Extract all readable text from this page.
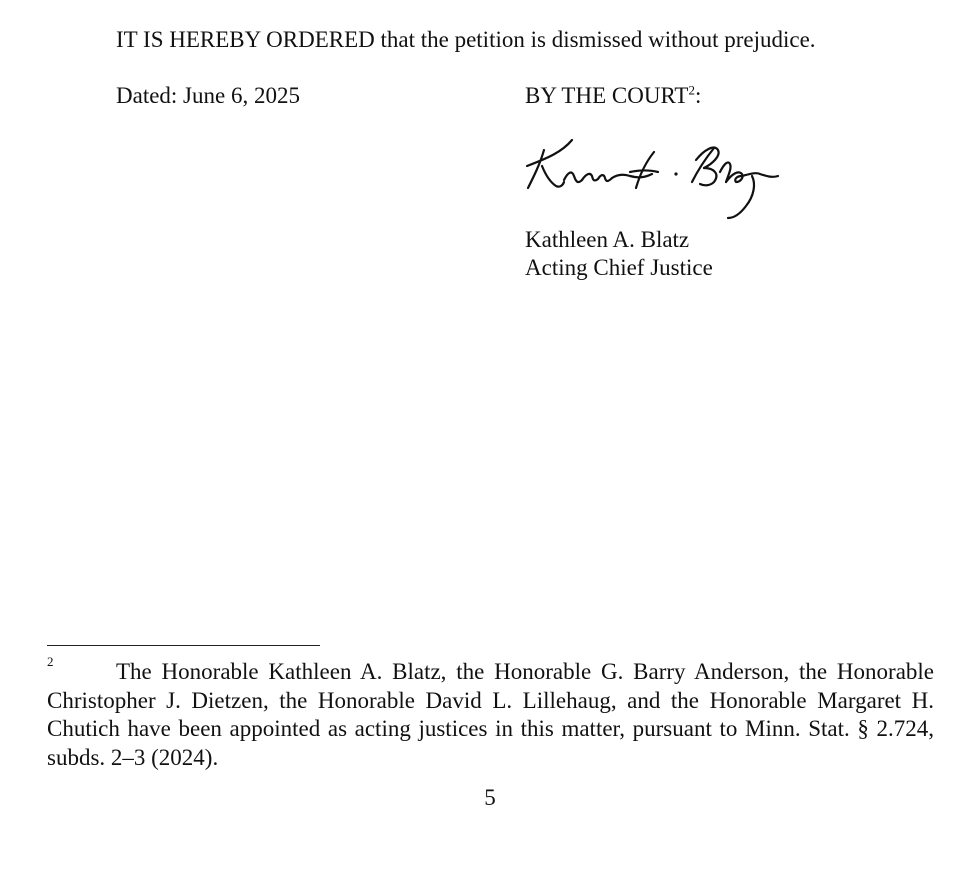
IT IS HEREBY ORDERED that the petition is dismissed without prejudice.
Dated: June 6, 2025	BY THE COURT$^2$:
Kathleen A. Blatz
Acting Chief Justice
2	The Honorable Kathleen A. Blatz, the Honorable G. Barry Anderson, the Honorable Christopher J. Dietzen, the Honorable David L. Lillehaug, and the Honorable Margaret H. Chutich have been appointed as acting justices in this matter, pursuant to Minn. Stat. § 2.724, subds. 2–3 (2024).
5
